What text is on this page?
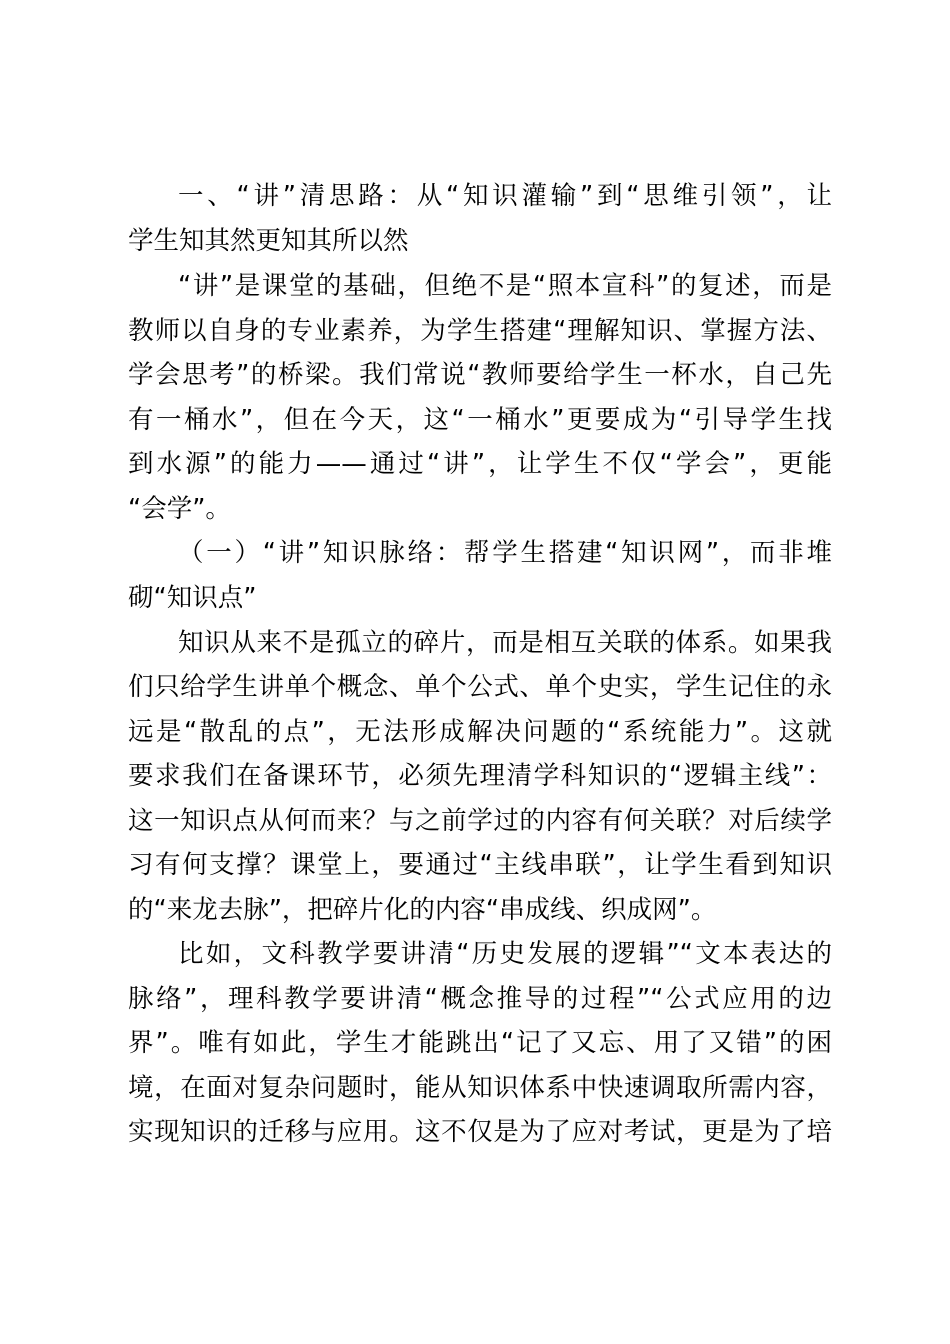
一、“讲”清思路：从“知识灌输”到“思维引领”，让
学生知其然更知其所以然
“讲”是课堂的基础，但绝不是“照本宣科”的复述，而是
教师以自身的专业素养，为学生搭建“理解知识、掌握方法、
学会思考”的桥梁。我们常说“教师要给学生一杯水，自己先
有一桶水”，但在今天，这“一桶水”更要成为“引导学生找
到水源”的能力——通过“讲”，让学生不仅“学会”，更能
“会学”。
（一）“讲”知识脉络：帮学生搭建“知识网”，而非堆
砌“知识点”
知识从来不是孤立的碎片，而是相互关联的体系。如果我
们只给学生讲单个概念、单个公式、单个史实，学生记住的永
远是“散乱的点”，无法形成解决问题的“系统能力”。这就
要求我们在备课环节，必须先理清学科知识的“逻辑主线”：
这一知识点从何而来？与之前学过的内容有何关联？对后续学
习有何支撑？课堂上，要通过“主线串联”，让学生看到知识
的“来龙去脉”，把碎片化的内容“串成线、织成网”。
比如，文科教学要讲清“历史发展的逻辑”“文本表达的
脉络”，理科教学要讲清“概念推导的过程”“公式应用的边
界”。唯有如此，学生才能跳出“记了又忘、用了又错”的困
境，在面对复杂问题时，能从知识体系中快速调取所需内容，
实现知识的迁移与应用。这不仅是为了应对考试，更是为了培
